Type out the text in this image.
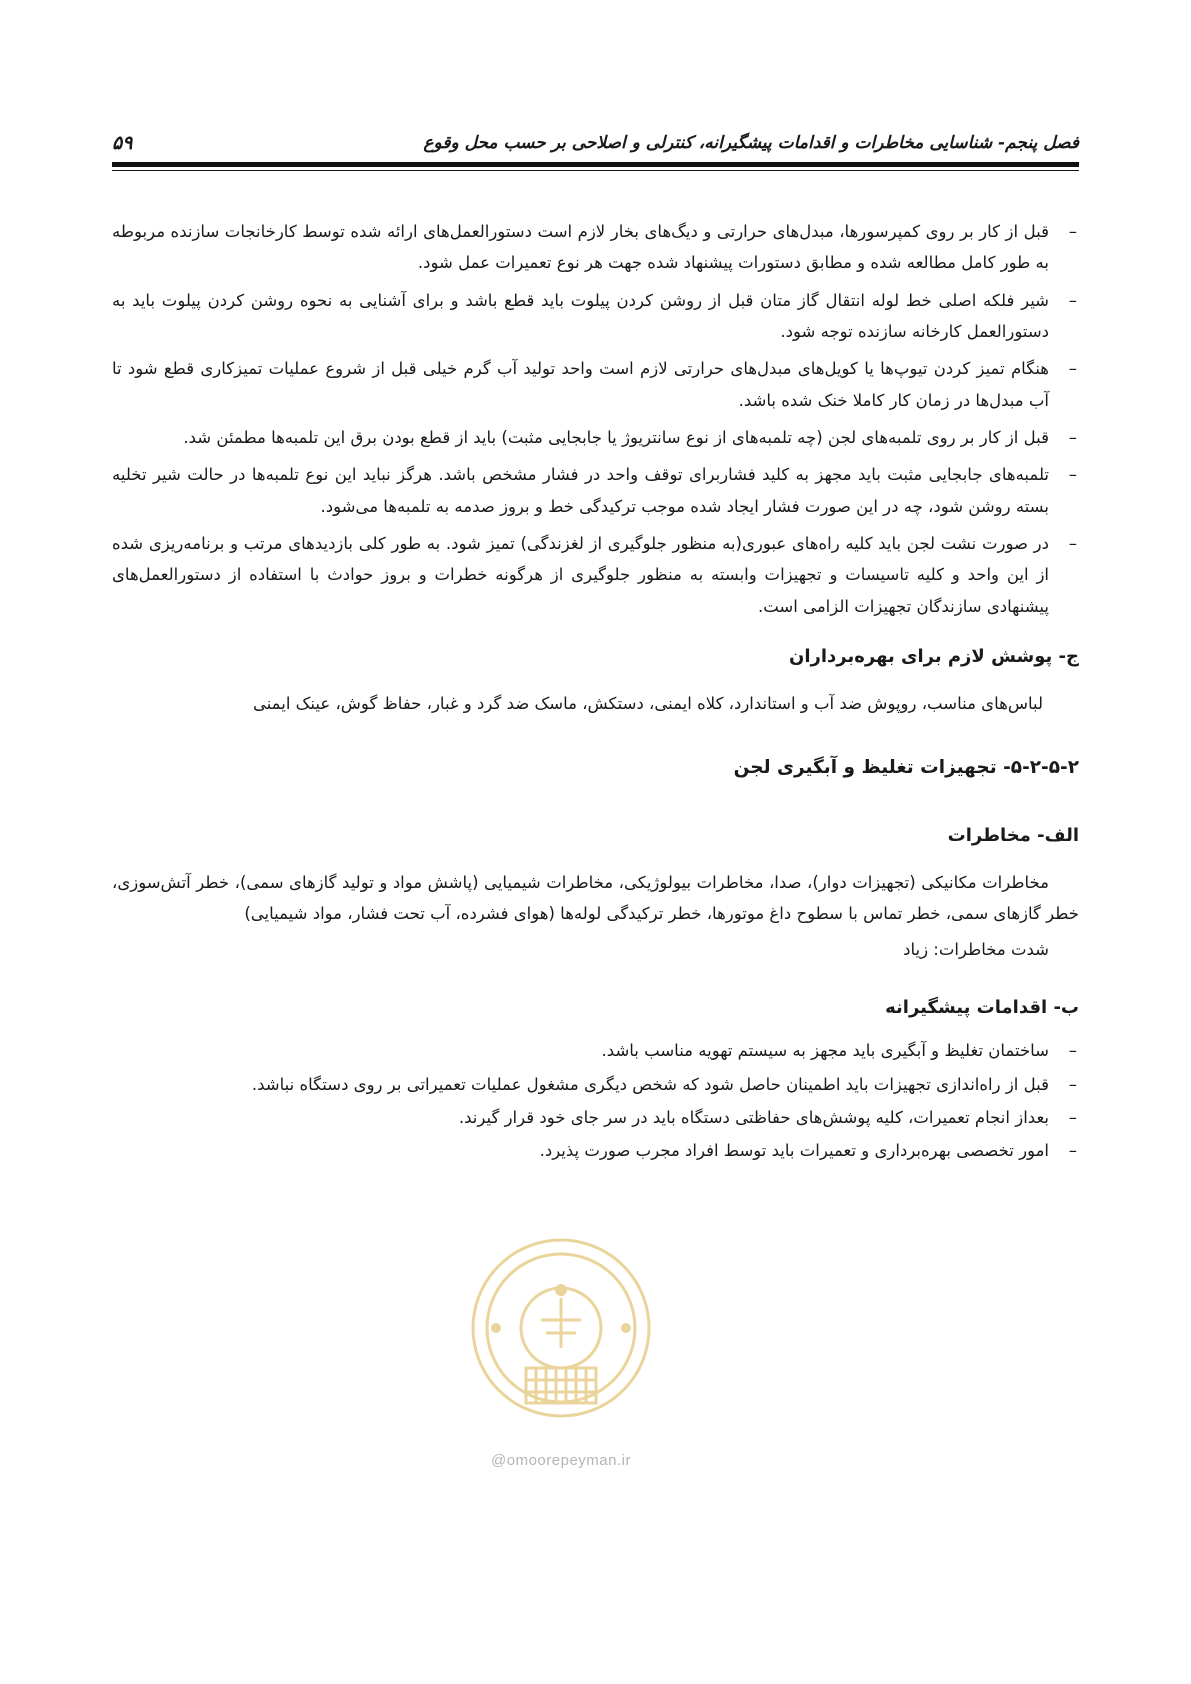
فصل پنجم- شناسایی مخاطرات و اقدامات پیشگیرانه، کنترلی و اصلاحی بر حسب محل وقوع
۵۹
–
قبل از کار بر روی کمپرسورها، مبدل‌های حرارتی و دیگ‌های بخار لازم است دستورالعمل‌های ارائه شده توسط کارخانجات سازنده مربوطه به طور کامل مطالعه شده و مطابق دستورات پیشنهاد شده جهت هر نوع تعمیرات عمل شود.
–
شیر فلکه اصلی خط لوله انتقال گاز متان قبل از روشن کردن پیلوت باید قطع باشد و برای آشنایی به نحوه روشن کردن پیلوت باید به دستورالعمل کارخانه سازنده توجه شود.
–
هنگام تمیز کردن تیوپ‌ها یا کویل‌های مبدل‌های حرارتی لازم است واحد تولید آب گرم خیلی قبل از شروع عملیات تمیزکاری قطع شود تا آب مبدل‌ها در زمان کار کاملا خنک شده باشد.
–
قبل از کار بر روی تلمبه‌های لجن (چه تلمبه‌های از نوع سانتریوژ یا جابجایی مثبت) باید از قطع بودن برق این تلمبه‌ها مطمئن شد.
–
تلمبه‌های جابجایی مثبت باید مجهز به کلید فشاربرای توقف واحد در فشار مشخص باشد. هرگز نباید این نوع تلمبه‌ها در حالت شیر تخلیه بسته روشن شود، چه در این صورت فشار ایجاد شده موجب ترکیدگی خط و بروز صدمه به تلمبه‌ها می‌شود.
–
در صورت نشت لجن باید کلیه راه‌های عبوری(به منظور جلوگیری از لغزندگی) تمیز شود. به طور کلی بازدیدهای مرتب و برنامه‌ریزی شده از این واحد و کلیه تاسیسات و تجهیزات وابسته به منظور جلوگیری از هرگونه خطرات و بروز حوادث با استفاده از دستورالعمل‌های پیشنهادی سازندگان تجهیزات الزامی است.
ج- پوشش لازم برای بهره‌برداران

لباس‌های مناسب، روپوش ضد آب و استاندارد، کلاه ایمنی، دستکش، ماسک ضد گرد و غبار، حفاظ گوش، عینک ایمنی

۵-۲-۵-۲- تجهیزات تغلیظ و آبگیری لجن
الف- مخاطرات

مخاطرات مکانیکی (تجهیزات دوار)، صدا، مخاطرات بیولوژیکی، مخاطرات شیمیایی (پاشش مواد و تولید گازهای سمی)، خطر آتش‌سوزی، خطر گازهای سمی، خطر تماس با سطوح داغ موتورها، خطر ترکیدگی لوله‌ها (هوای فشرده، آب تحت فشار، مواد شیمیایی)

شدت مخاطرات: زیاد

ب- اقدامات پیشگیرانه
–
ساختمان تغلیظ و آبگیری باید مجهز به سیستم تهویه مناسب باشد.
–
قبل از راه‌اندازی تجهیزات باید اطمینان حاصل شود که شخص دیگری مشغول عملیات تعمیراتی بر روی دستگاه نباشد.
–
بعداز انجام تعمیرات، کلیه پوشش‌های حفاظتی دستگاه باید در سر جای خود قرار گیرند.
–
امور تخصصی بهره‌برداری و تعمیرات باید توسط افراد مجرب صورت پذیرد.
@omoorepeyman.ir
